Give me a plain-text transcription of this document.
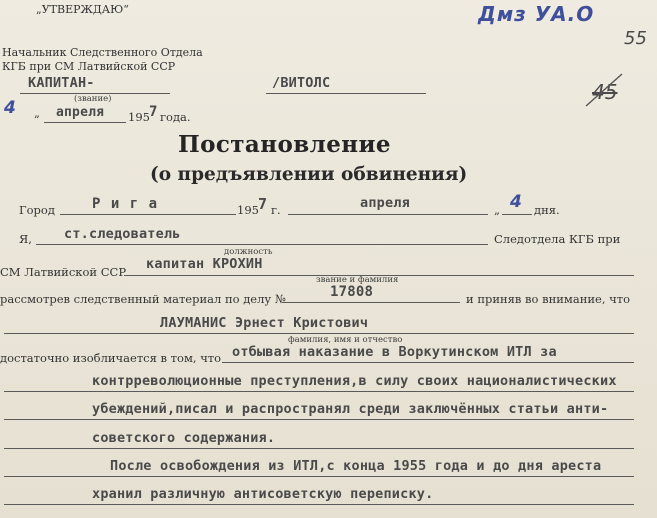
„УТВЕРЖДАЮ“
Начальник Следственного Отдела
КГБ при СМ Латвийской ССР
КАПИТАН-	/ВИТОЛС
(звание)
4 „ апреля 195 7 года.
Дмз УА.О
55
45
Постановление
(о предъявлении обвинения)
Город	Р и г а	195 7 г.	апреля	„ 4 дня.
Я, ст.следователь	Следотдела КГБ при
должность
СМ Латвийской ССР капитан КРОХИН
звание и фамилия
рассмотрев следственный материал по делу №	17808	и приняв во внимание, что
ЛАУМАНИС Эрнест Кристович
фамилия, имя и отчество
достаточно изобличается в том, что отбывая наказание в Воркутинском ИТЛ за
контрреволюционные преступления,в силу своих националистических
убеждений,писал и распространял среди заключённых статьи анти-
советского содержания.
После освобождения из ИТЛ,с конца 1955 года и до дня ареста
хранил различную антисоветскую переписку.
